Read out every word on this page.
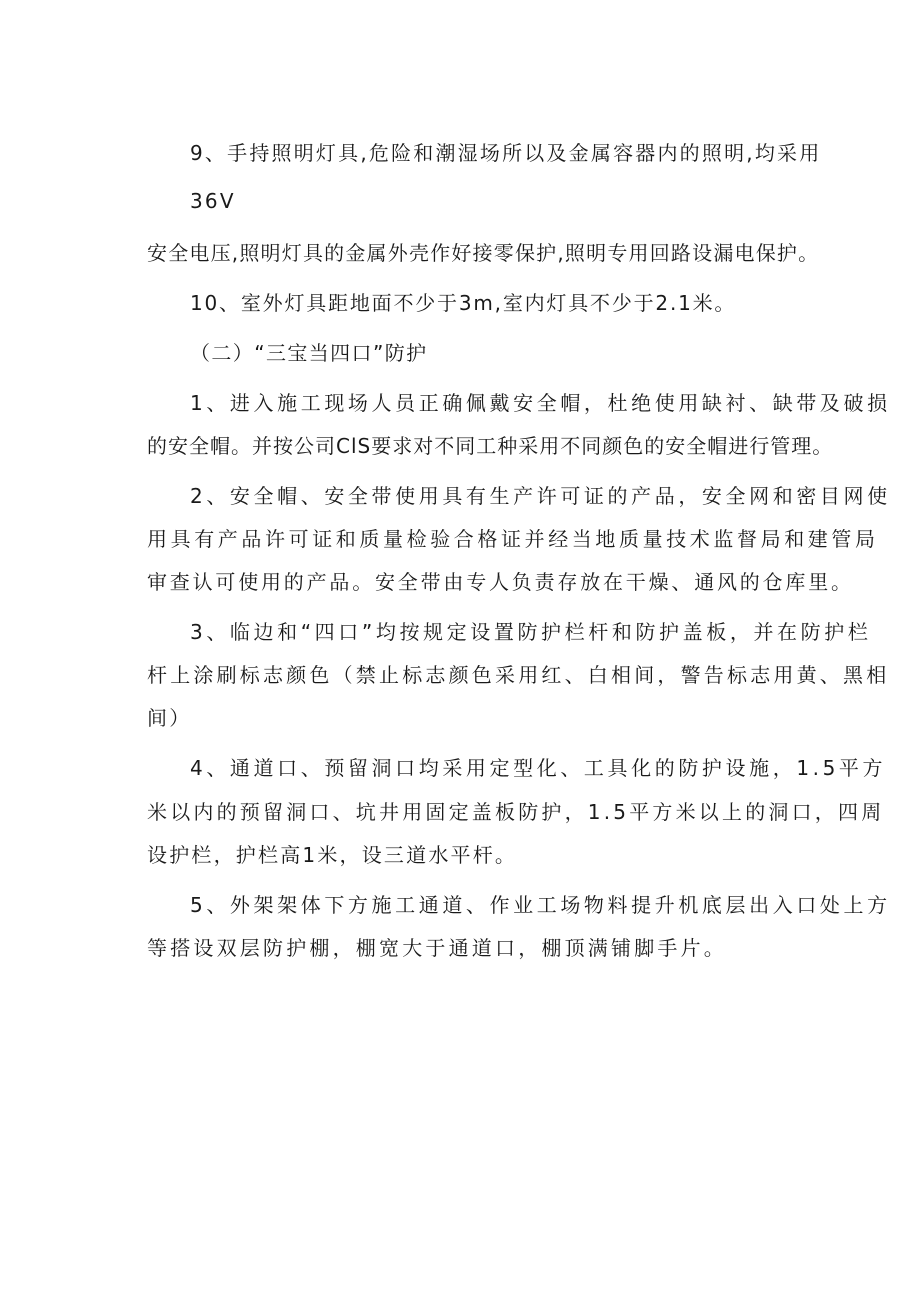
9、手持照明灯具,危险和潮湿场所以及金属容器内的照明,均采用
36V
安全电压,照明灯具的金属外壳作好接零保护,照明专用回路设漏电保护。
10、室外灯具距地面不少于3m,室内灯具不少于2.1米。
（二）“三宝当四口”防护
1、进入施工现场人员正确佩戴安全帽，杜绝使用缺衬、缺带及破损
的安全帽。并按公司ClS要求对不同工种采用不同颜色的安全帽进行管理。
2、安全帽、安全带使用具有生产许可证的产品，安全网和密目网使
用具有产品许可证和质量检验合格证并经当地质量技术监督局和建管局
审查认可使用的产品。安全带由专人负责存放在干燥、通风的仓库里。
3、临边和“四口”均按规定设置防护栏杆和防护盖板，并在防护栏
杆上涂刷标志颜色（禁止标志颜色采用红、白相间，警告标志用黄、黑相
间）
4、通道口、预留洞口均采用定型化、工具化的防护设施，1.5平方
米以内的预留洞口、坑井用固定盖板防护，1.5平方米以上的洞口，四周
设护栏，护栏高1米，设三道水平杆。
5、外架架体下方施工通道、作业工场物料提升机底层出入口处上方
等搭设双层防护棚，棚宽大于通道口，棚顶满铺脚手片。
